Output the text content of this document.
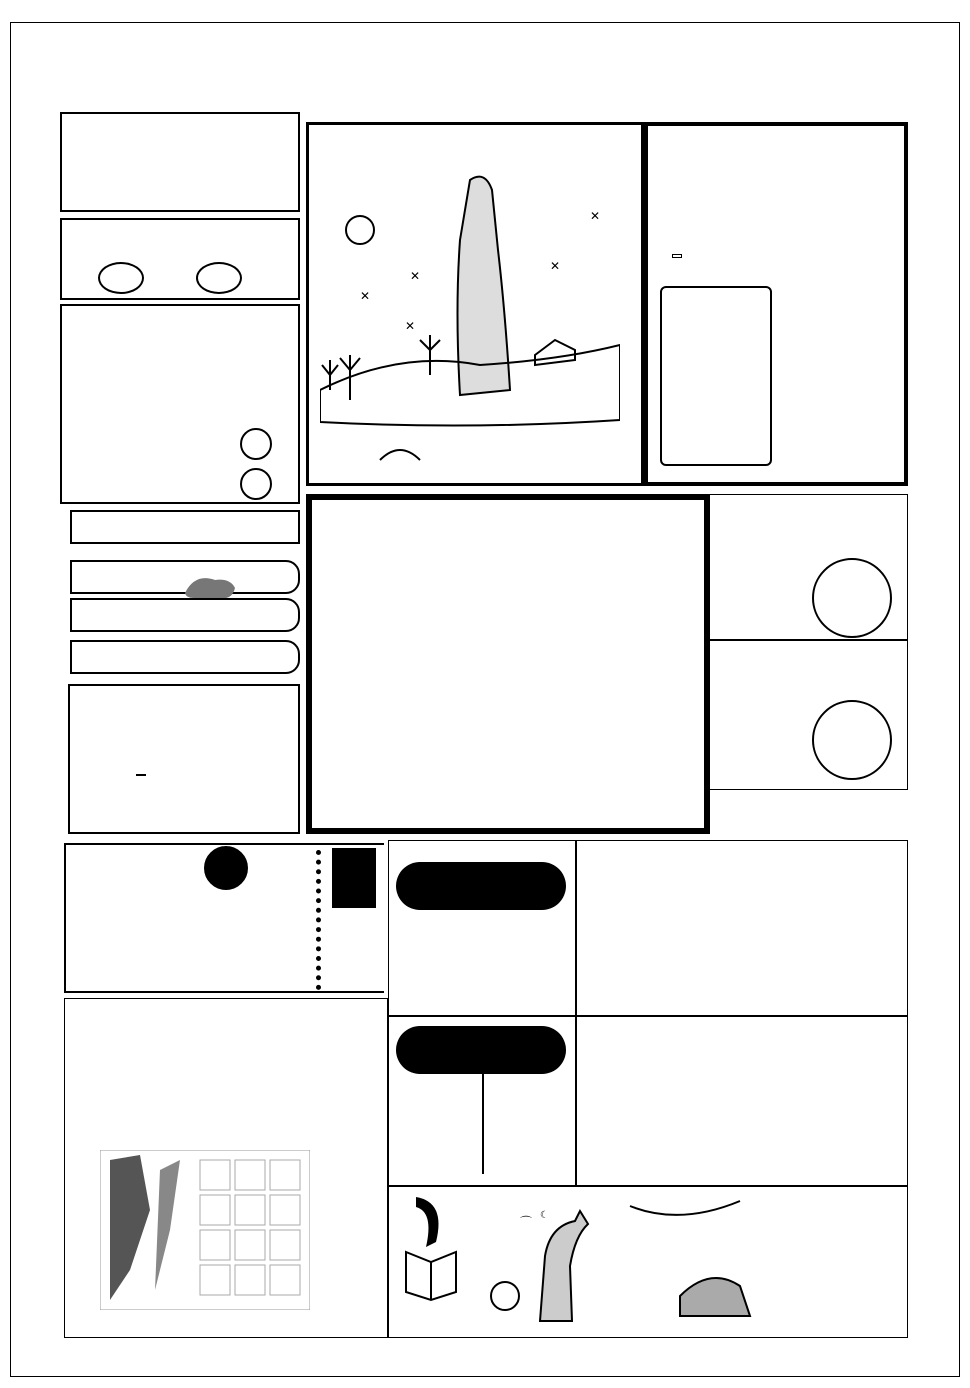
✕
✕
✕
✕
✕
⌒ ☾
